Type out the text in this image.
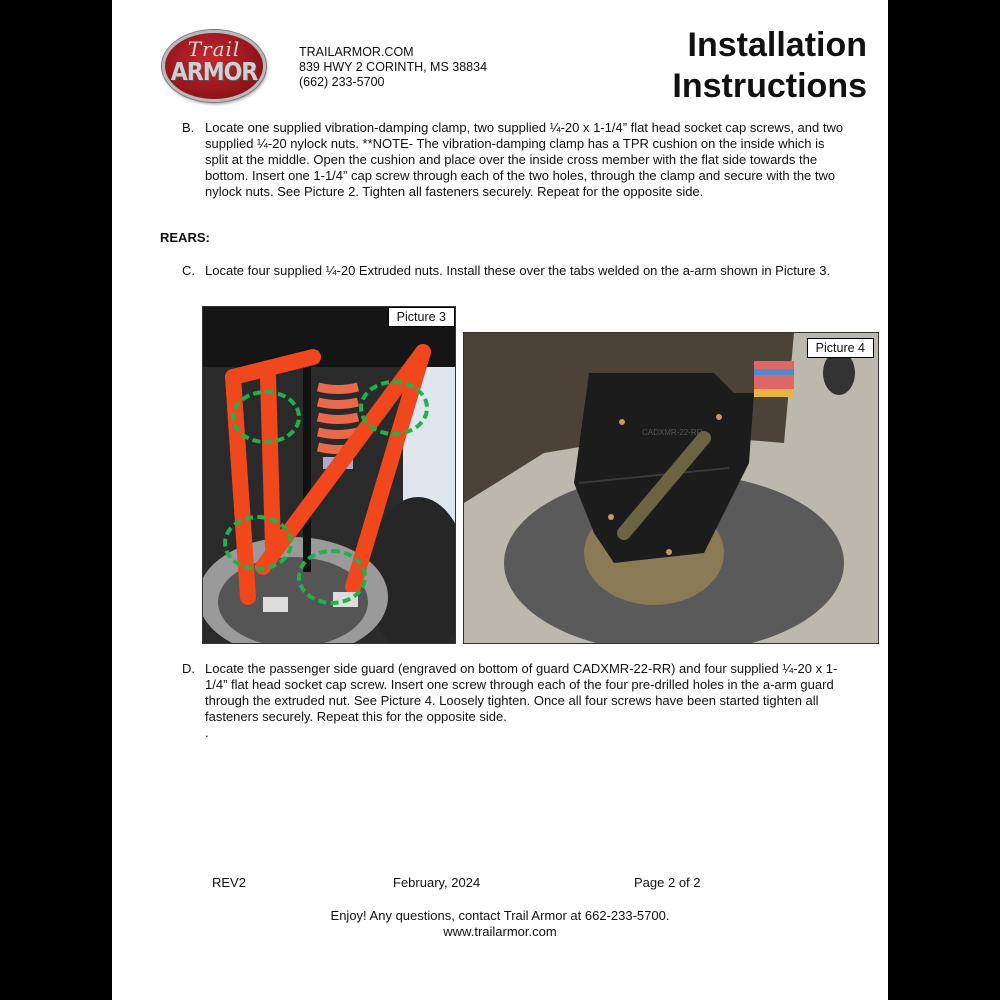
Trail
ARMOR
TRAILARMOR.COM
839 HWY 2 CORINTH, MS 38834
(662) 233-5700
Installation
Instructions
B. Locate one supplied vibration-damping clamp, two supplied ¼-20 x 1-1/4” flat head socket cap screws, and two supplied ¼-20 nylock nuts. **NOTE- The vibration-damping clamp has a TPR cushion on the inside which is split at the middle. Open the cushion and place over the inside cross member with the flat side towards the bottom. Insert one 1-1/4” cap screw through each of the two holes, through the clamp and secure with the two nylock nuts. See Picture 2. Tighten all fasteners securely. Repeat for the opposite side.
REARS:
C. Locate four supplied ¼-20 Extruded nuts. Install these over the tabs welded on the a-arm shown in Picture 3.
Picture 3
CADXMR-22-RR
Picture 4
D. Locate the passenger side guard (engraved on bottom of guard CADXMR-22-RR) and four supplied ¼-20 x 1-1/4” flat head socket cap screw. Insert one screw through each of the four pre-drilled holes in the a-arm guard through the extruded nut. See Picture 4. Loosely tighten. Once all four screws have been started tighten all fasteners securely. Repeat this for the opposite side.
.
REV2	February, 2024	Page 2 of 2
Enjoy! Any questions, contact Trail Armor at 662-233-5700.
www.trailarmor.com
